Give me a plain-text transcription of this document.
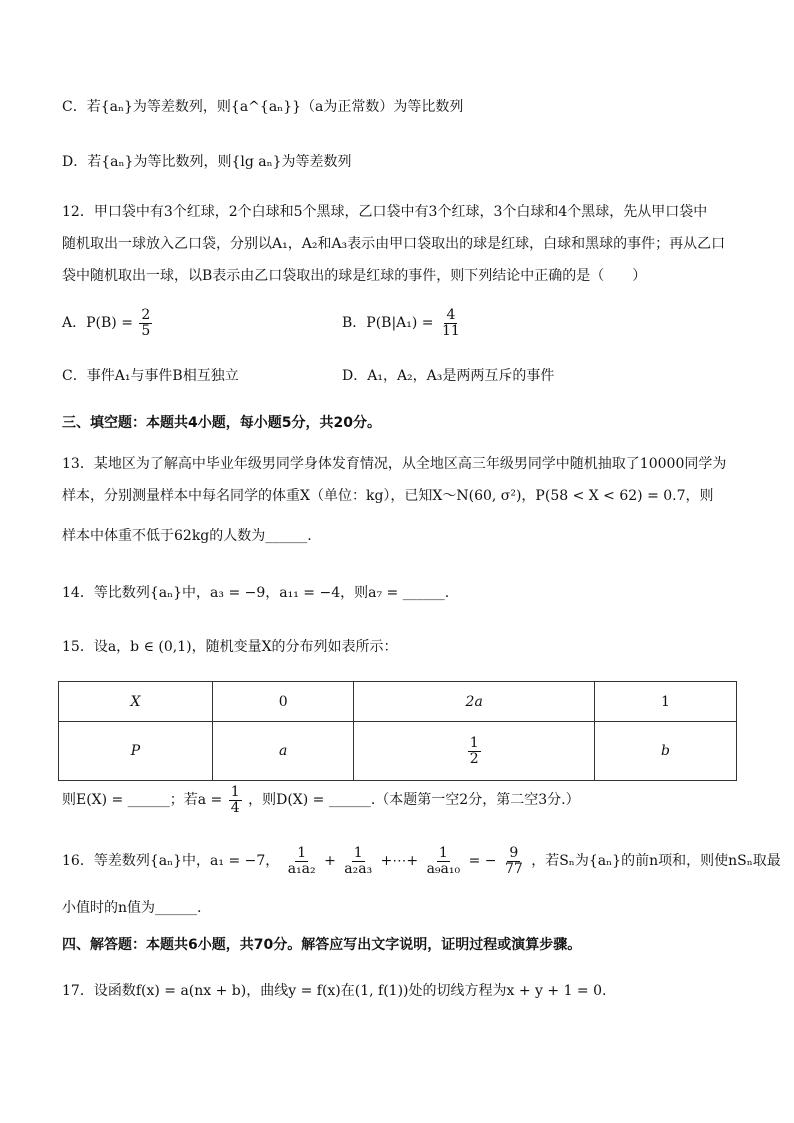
C．若{aₙ}为等差数列，则{a^{aₙ}}（a为正常数）为等比数列
D．若{aₙ}为等比数列，则{lg aₙ}为等差数列
12．甲口袋中有3个红球，2个白球和5个黑球，乙口袋中有3个红球，3个白球和4个黑球，先从甲口袋中
随机取出一球放入乙口袋，分别以A₁，A₂和A₃表示由甲口袋取出的球是红球，白球和黑球的事件；再从乙口
袋中随机取出一球，以B表示由乙口袋取出的球是红球的事件，则下列结论中正确的是（　　）
A．$P(B) = \frac{2}{5}$	B．$P(B|A_1) = \frac{4}{11}$
C．事件A₁与事件B相互独立	D．A₁，A₂，A₃是两两互斥的事件
三、填空题：本题共4小题，每小题5分，共20分。
13．某地区为了解高中毕业年级男同学身体发育情况，从全地区高三年级男同学中随机抽取了10000同学为
样本，分别测量样本中每名同学的体重X（单位：kg），已知X～N(60, σ²)，P(58 < X < 62) = 0.7，则
样本中体重不低于62kg的人数为______.
14．等比数列{aₙ}中，a₃ = −9，a₁₁ = −4，则a₇ = ______.
15．设a，b ∈ (0,1)，随机变量X的分布列如表所示：
X	0	2a	1
P	a	$\frac{1}{2}$	b
则E(X) = ______；若$a = \frac{1}{4}$ ，则D(X) = ______.（本题第一空2分，第二空3分.）
16．等差数列{aₙ}中，a₁ = −7， $\frac{1}{\text{a₁a₂}} + \frac{1}{\text{a₂a₃}}$ +⋯+ $\frac{1}{\text{a₉a₁₀}}$ = − $\frac{9}{77}$ ，若Sₙ为{aₙ}的前n项和，则使nSₙ取最
小值时的n值为______.
四、解答题：本题共6小题，共70分。解答应写出文字说明，证明过程或演算步骤。
17．设函数f(x) = a(nx + b)，曲线y = f(x)在(1, f(1))处的切线方程为x + y + 1 = 0.
